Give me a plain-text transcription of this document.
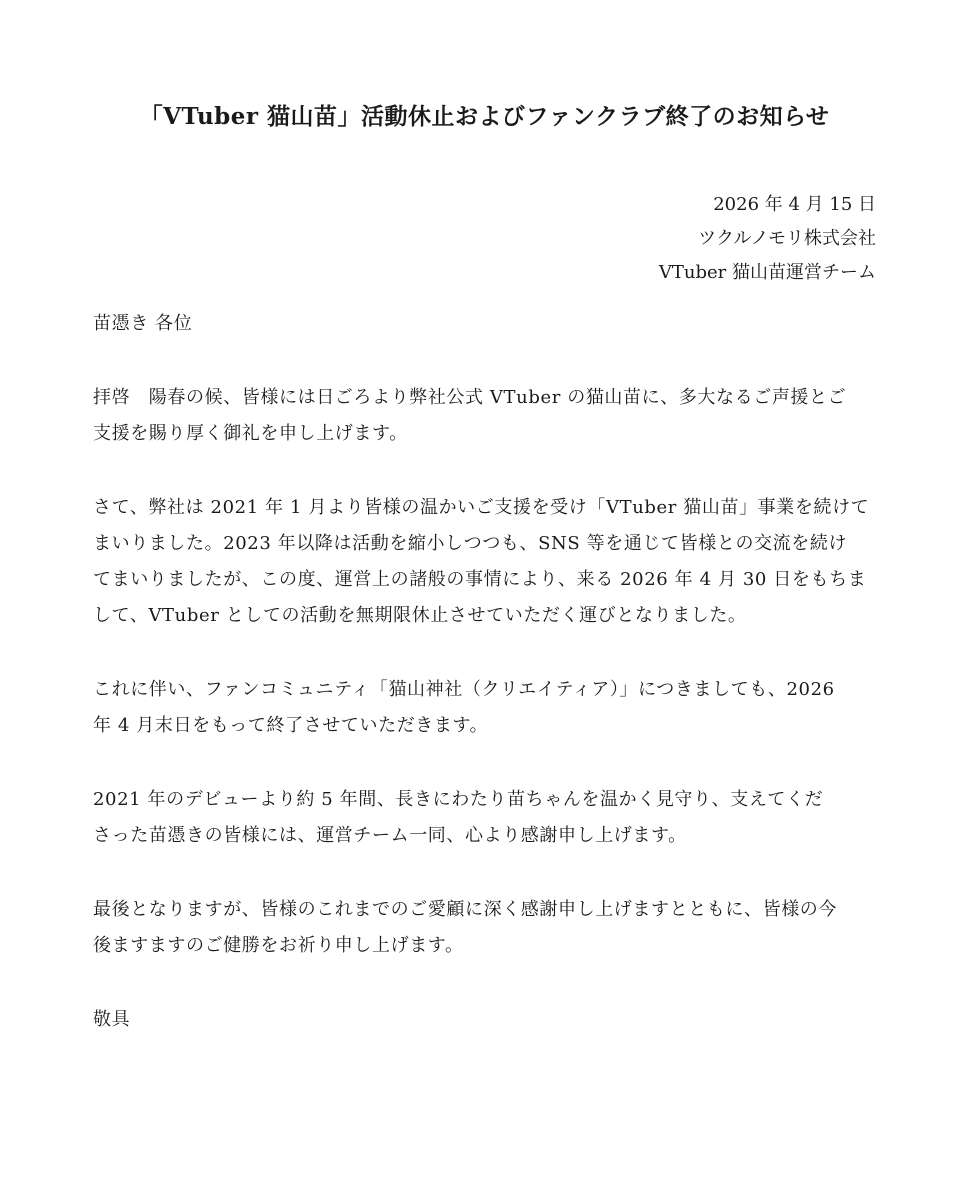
「VTuber 猫山苗」活動休止およびファンクラブ終了のお知らせ
2026 年 4 月 15 日
ツクルノモリ株式会社
VTuber 猫山苗運営チーム

苗憑き 各位

拝啓　陽春の候、皆様には日ごろより弊社公式 VTuber の猫山苗に、多大なるご声援とご
支援を賜り厚く御礼を申し上げます。

さて、弊社は 2021 年 1 月より皆様の温かいご支援を受け「VTuber 猫山苗」事業を続けて
まいりました。2023 年以降は活動を縮小しつつも、SNS 等を通じて皆様との交流を続け
てまいりましたが、この度、運営上の諸般の事情により、来る 2026 年 4 月 30 日をもちま
して、VTuber としての活動を無期限休止させていただく運びとなりました。

これに伴い、ファンコミュニティ「猫山神社（クリエイティア）」につきましても、2026
年 4 月末日をもって終了させていただきます。

2021 年のデビューより約 5 年間、長きにわたり苗ちゃんを温かく見守り、支えてくだ
さった苗憑きの皆様には、運営チーム一同、心より感謝申し上げます。

最後となりますが、皆様のこれまでのご愛顧に深く感謝申し上げますとともに、皆様の今
後ますますのご健勝をお祈り申し上げます。

敬具
